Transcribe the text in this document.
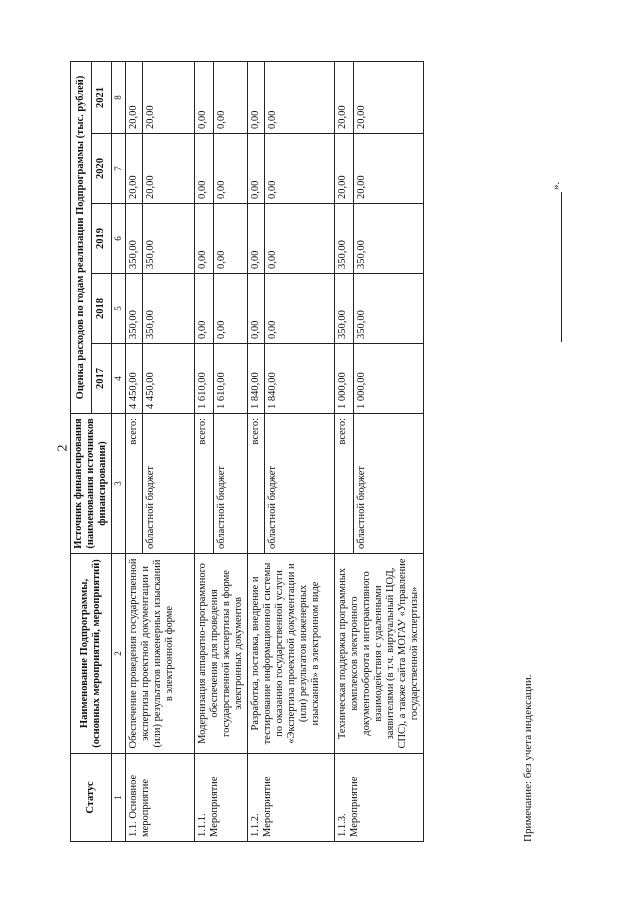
2
Статус	Наименование Подпрограммы, (основных мероприятий, мероприятий)	Источник финансирования (наименования источников финансирования)	Оценка расходов по годам реализации Подпрограммы (тыс. рублей)				
			2017	2018	2019	2020	2021
1	2	3	4	5	6	7	8
1.1. Основное мероприятие	Обеспечение проведения государственной экспертизы проектной документации и (или) результатов инженерных изысканий в электронной форме	всего:	4 450,00	350,00	350,00	20,00	20,00
		областной бюджет	4 450,00	350,00	350,00	20,00	20,00
1.1.1. Мероприятие	Модернизация аппаратно-программного обеспечения для проведения государственной экспертизы в форме электронных документов	всего:	1 610,00	0,00	0,00	0,00	0,00
		областной бюджет	1 610,00	0,00	0,00	0,00	0,00
1.1.2. Мероприятие	Разработка, поставка, внедрение и тестирование информационной системы по оказанию государственной услуги «Экспертиза проектной документации и (или) результатов инженерных изысканий» в электронном виде	всего:	1 840,00	0,00	0,00	0,00	0,00
		областной бюджет	1 840,00	0,00	0,00	0,00	0,00
1.1.3. Мероприятие	Техническая поддержка программных комплексов электронного документооборота и интерактивного взаимодействия с удаленными заявителями (в т.ч. виртуальный ЦОД, СПС), а также сайта МОГАУ «Управление государственной экспертизы»	всего:	1 000,00	350,00	350,00	20,00	20,00
		областной бюджет	1 000,00	350,00	350,00	20,00	20,00
Примечание: без учета индексации.
».
